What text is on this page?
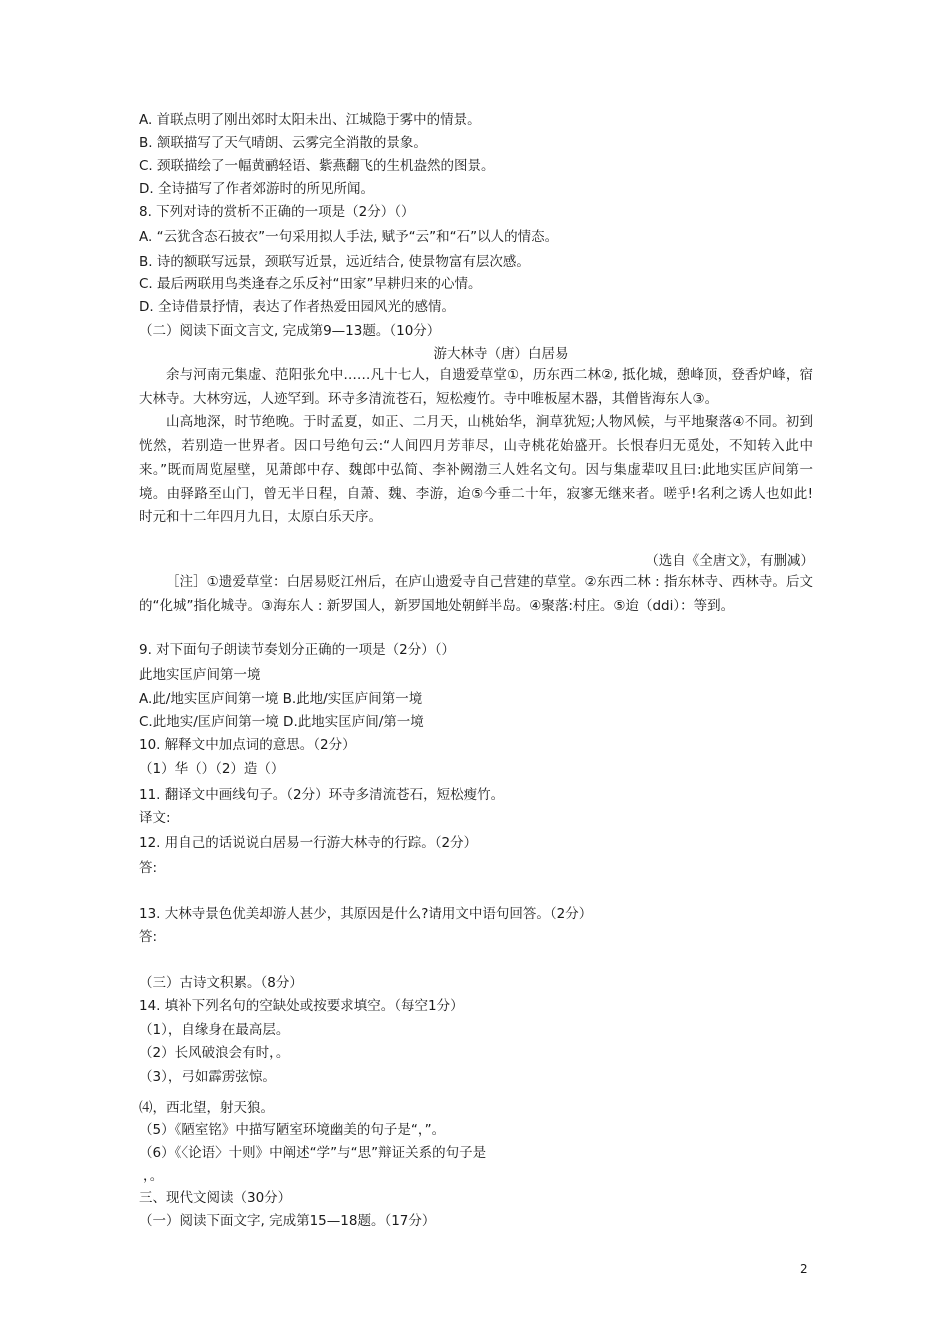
A. 首联点明了刚出郊时太阳未出、江城隐于雾中的情景。
B. 颔联描写了天气晴朗、云雾完全消散的景象。
C. 颈联描绘了一幅黄鹂轻语、紫燕翻飞的生机盎然的图景。
D. 全诗描写了作者郊游时的所见所闻。
8. 下列对诗的赏析不正确的一项是（2分）（）
A. “云犹含态石披衣”一句采用拟人手法, 赋予“云”和“石”以人的情态。
B. 诗的额联写远景，颈联写近景，远近结合, 使景物富有层次感。
C. 最后两联用鸟类逢春之乐反衬“田家”早耕归来的心情。
D. 全诗借景抒情，表达了作者热爱田园风光的感情。
（二）阅读下面文言文, 完成第9—13题。（10分）
游大林寺（唐）白居易

余与河南元集虚、范阳张允中……凡十七人，自遗爱草堂①，历东西二林②, 抵化城，憩峰顶，登香炉峰，宿大林寺。大林穷远，人迹罕到。环寺多清流苍石，短松瘦竹。寺中唯板屋木器，其僧皆海东人③。

山高地深，时节绝晚。于时孟夏，如正、二月天，山桃始华，涧草犹短;人物风候，与平地聚落④不同。初到恍然，若别造一世界者。因口号绝句云:“人间四月芳菲尽，山寺桃花始盛开。长恨春归无觅处，不知转入此中来。”既而周览屋壁，见萧郎中存、魏郎中弘简、李补阙渤三人姓名文句。因与集虚辈叹且曰:此地实匡庐间第一境。由驿路至山门，曾无半日程，自萧、魏、李游，迨⑤今垂二十年，寂寥无继来者。嗟乎!名利之诱人也如此! 时元和十二年四月九日，太原白乐天序。

（选自《全唐文》，有删减）

［注］①遗爱草堂：白居易贬江州后，在庐山遗爱寺自己营建的草堂。②东西二林 : 指东林寺、西林寺。后文的“化城”指化城寺。③海东人 : 新罗国人，新罗国地处朝鲜半岛。④聚落:村庄。⑤迨（ddi）：等到。

9. 对下面句子朗读节奏划分正确的一项是（2分）（）
此地实匡庐间第一境
A.此/地实匡庐间第一境 B.此地/实匡庐间第一境
C.此地实/匡庐间第一境 D.此地实匡庐间/第一境
10. 解释文中加点词的意思。（2分）
（1）华（）（2）造（）
11. 翻译文中画线句子。（2分）环寺多清流苍石，短松瘦竹。
译文:
12. 用自己的话说说白居易一行游大林寺的行踪。（2分）
答:
13. 大林寺景色优美却游人甚少，其原因是什么?请用文中语句回答。（2分）
答:
（三）古诗文积累。（8分）
14. 填补下列名句的空缺处或按要求填空。（每空1分）
（1），自缘身在最高层。
（2）长风破浪会有时，。
（3），弓如霹雳弦惊。
⑷，西北望，射天狼。
（5）《陋室铭》中描写陋室环境幽美的句子是“，”。
（6）《〈论语〉十则》中阐述“学”与“思”辩证关系的句子是
，。
三、现代文阅读（30分）
（一）阅读下面文字, 完成第15—18题。（17分）
2
